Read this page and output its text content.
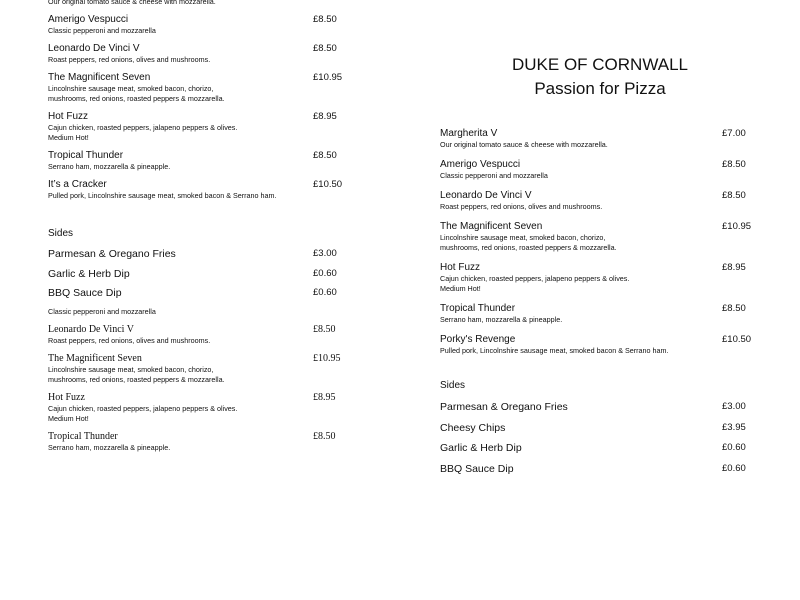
DUKE OF CORNWALL
Passion for Pizza
Our original tomato sauce & cheese with mozzarella.
Amerigo Vespucci	£8.50
Classic pepperoni and mozzarella
Leonardo De Vinci V	£8.50
Roast peppers, red onions, olives and mushrooms.
The Magnificent Seven	£10.95
Lincolnshire sausage meat, smoked bacon, chorizo,
mushrooms, red onions, roasted peppers & mozzarella.
Hot Fuzz	£8.95
Cajun chicken, roasted peppers, jalapeno peppers & olives.
Medium Hot!
Tropical Thunder	£8.50
Serrano ham, mozzarella & pineapple.
It’s a Cracker	£10.50
Pulled pork, Lincolnshire sausage meat, smoked bacon & Serrano ham.
Sides
Parmesan & Oregano Fries	£3.00
Garlic & Herb Dip	£0.60
BBQ Sauce Dip	£0.60
Classic pepperoni and mozzarella
Leonardo De Vinci V	£8.50
Roast peppers, red onions, olives and mushrooms.
The Magnificent Seven	£10.95
Lincolnshire sausage meat, smoked bacon, chorizo,
mushrooms, red onions, roasted peppers & mozzarella.
Hot Fuzz	£8.95
Cajun chicken, roasted peppers, jalapeno peppers & olives.
Medium Hot!
Tropical Thunder	£8.50
Serrano ham, mozzarella & pineapple.
Margherita V	£7.00
Our original tomato sauce & cheese with mozzarella.
Amerigo Vespucci	£8.50
Classic pepperoni and mozzarella
Leonardo De Vinci V	£8.50
Roast peppers, red onions, olives and mushrooms.
The Magnificent Seven	£10.95
Lincolnshire sausage meat, smoked bacon, chorizo,
mushrooms, red onions, roasted peppers & mozzarella.
Hot Fuzz	£8.95
Cajun chicken, roasted peppers, jalapeno peppers & olives.
Medium Hot!
Tropical Thunder	£8.50
Serrano ham, mozzarella & pineapple.
Porky's Revenge	£10.50
Pulled pork, Lincolnshire sausage meat, smoked bacon & Serrano ham.
Sides
Parmesan & Oregano Fries	£3.00
Cheesy Chips	£3.95
Garlic & Herb Dip	£0.60
BBQ Sauce Dip	£0.60
